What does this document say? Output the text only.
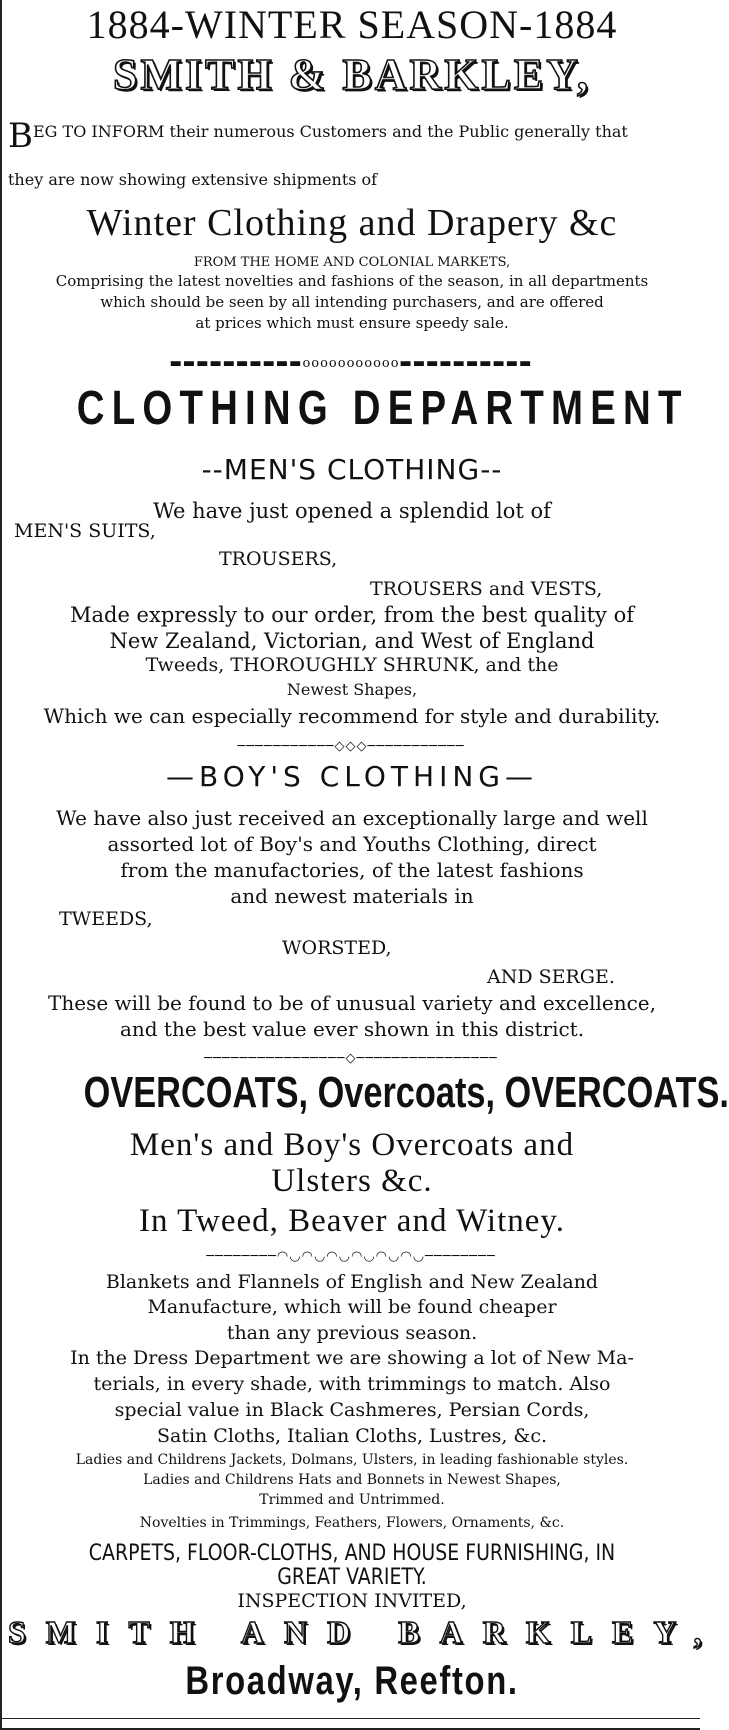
1884-WINTER SEASON-1884
SMITH & BARKLEY,
BEG TO INFORM their numerous Customers and the Public generally that
they are now showing extensive shipments of
Winter Clothing and Drapery &c
FROM THE HOME AND COLONIAL MARKETS,
Comprising the latest novelties and fashions of the season, in all departments
which should be seen by all intending purchasers, and are offered
at prices which must ensure speedy sale.
▬▬▬▬▬▬▬▬▬▬ooooooooooo▬▬▬▬▬▬▬▬▬▬
CLOTHING DEPARTMENT
--MEN'S CLOTHING--
We have just opened a splendid lot of
MEN'S SUITS,
TROUSERS,
TROUSERS and VESTS,
Made expressly to our order, from the best quality of
New Zealand, Victorian, and West of England
Tweeds, THOROUGHLY SHRUNK, and the
Newest Shapes,
Which we can especially recommend for style and durability.
───────────◇◇◇───────────
—BOY'S CLOTHING—
We have also just received an exceptionally large and well
assorted lot of Boy's and Youths Clothing, direct
from the manufactories, of the latest fashions
and newest materials in
TWEEDS,
WORSTED,
AND SERGE.
These will be found to be of unusual variety and excellence,
and the best value ever shown in this district.
────────────────◇────────────────
OVERCOATS, Overcoats, OVERCOATS.
Men's and Boy's Overcoats and
Ulsters &c.
In Tweed, Beaver and Witney.
────────◠◡◠◡◠◡◠◡◠◡◠◡────────
Blankets and Flannels of English and New Zealand
Manufacture, which will be found cheaper
than any previous season.
In the Dress Department we are showing a lot of New Ma-
terials, in every shade, with trimmings to match. Also
special value in Black Cashmeres, Persian Cords,
Satin Cloths, Italian Cloths, Lustres, &c.
Ladies and Childrens Jackets, Dolmans, Ulsters, in leading fashionable styles.
Ladies and Childrens Hats and Bonnets in Newest Shapes,
Trimmed and Untrimmed.
Novelties in Trimmings, Feathers, Flowers, Ornaments, &c.
CARPETS, FLOOR-CLOTHS, AND HOUSE FURNISHING, IN
GREAT VARIETY.
INSPECTION INVITED,
SMITH AND BARKLEY,
Broadway, Reefton.
